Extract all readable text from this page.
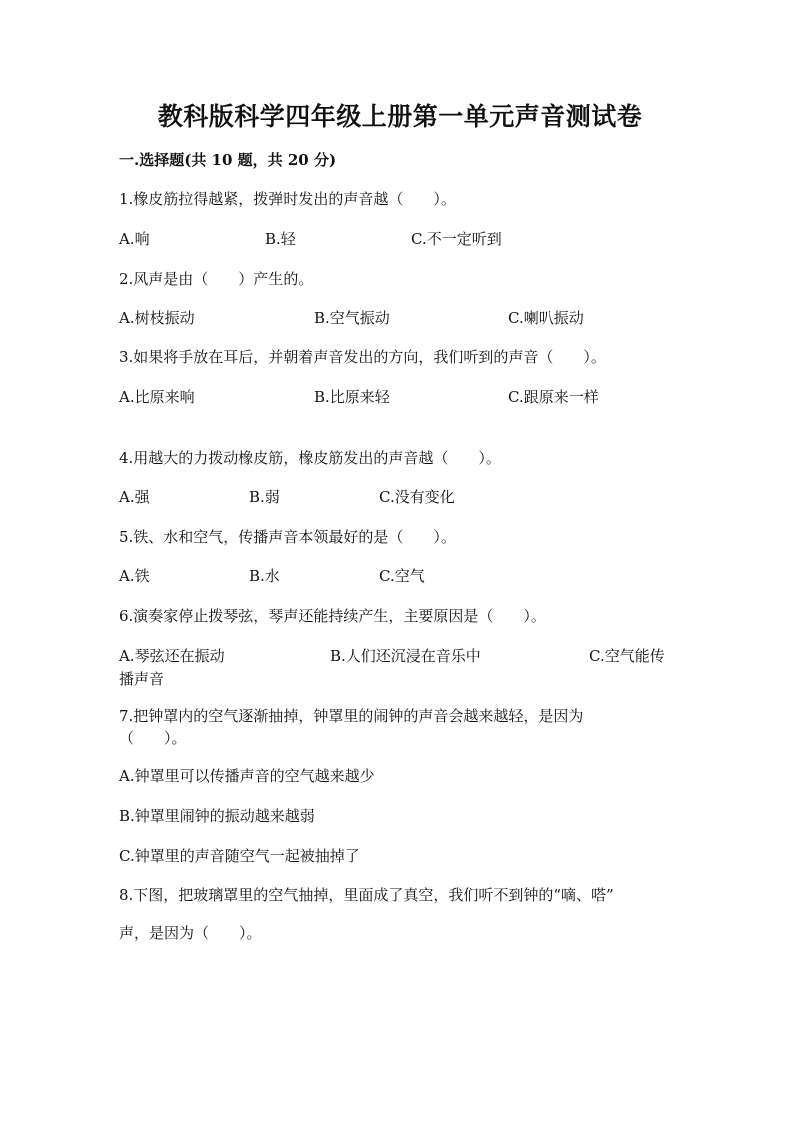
教科版科学四年级上册第一单元声音测试卷
一.选择题(共 10 题，共 20 分)
1.橡皮筋拉得越紧，拨弹时发出的声音越（　　）。
A.响	B.轻	C.不一定听到
2.风声是由（　　）产生的。
A.树枝振动	B.空气振动	C.喇叭振动
3.如果将手放在耳后，并朝着声音发出的方向，我们听到的声音（　　）。
A.比原来响	B.比原来轻	C.跟原来一样
4.用越大的力拨动橡皮筋，橡皮筋发出的声音越（　　）。
A.强	B.弱	C.没有变化
5.铁、水和空气，传播声音本领最好的是（　　）。
A.铁	B.水	C.空气
6.演奏家停止拨琴弦，琴声还能持续产生，主要原因是（　　）。
A.琴弦还在振动	B.人们还沉浸在音乐中	C.空气能传
播声音
7.把钟罩内的空气逐渐抽掉，钟罩里的闹钟的声音会越来越轻，是因为
（　　）。
A.钟罩里可以传播声音的空气越来越少
B.钟罩里闹钟的振动越来越弱
C.钟罩里的声音随空气一起被抽掉了
8.下图，把玻璃罩里的空气抽掉，里面成了真空，我们听不到钟的“嘀、嗒”
声，是因为（　　）。
